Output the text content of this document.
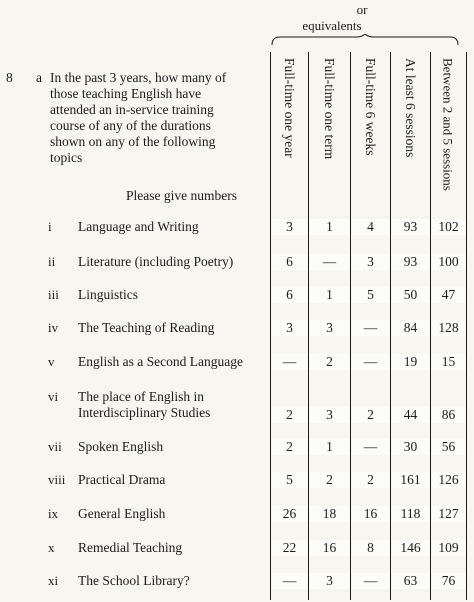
or
equivalents
8 a In the past 3 years, how many of
those teaching English have
attended an in-service training
course of any of the durations
shown on any of the following
topics
Please give numbers
Full-time one year Full-time one term Full-time 6 weeks At least 6 sessions Between 2 and 5 sessions
i Language and Writing	3	1	4	93	102
ii Literature (including Poetry)	6	—	3	93	100
iii Linguistics	6	1	5	50	47
iv The Teaching of Reading	3	3	—	84	128
v English as a Second Language	—	2	—	19	15
vi The place of English in
Interdisciplinary Studies	2	3	2	44	86
vii Spoken English	2	1	—	30	56
viii Practical Drama	5	2	2	161	126
ix General English	26	18	16	118	127
x Remedial Teaching	22	16	8	146	109
xi The School Library?	—	3	—	63	76
